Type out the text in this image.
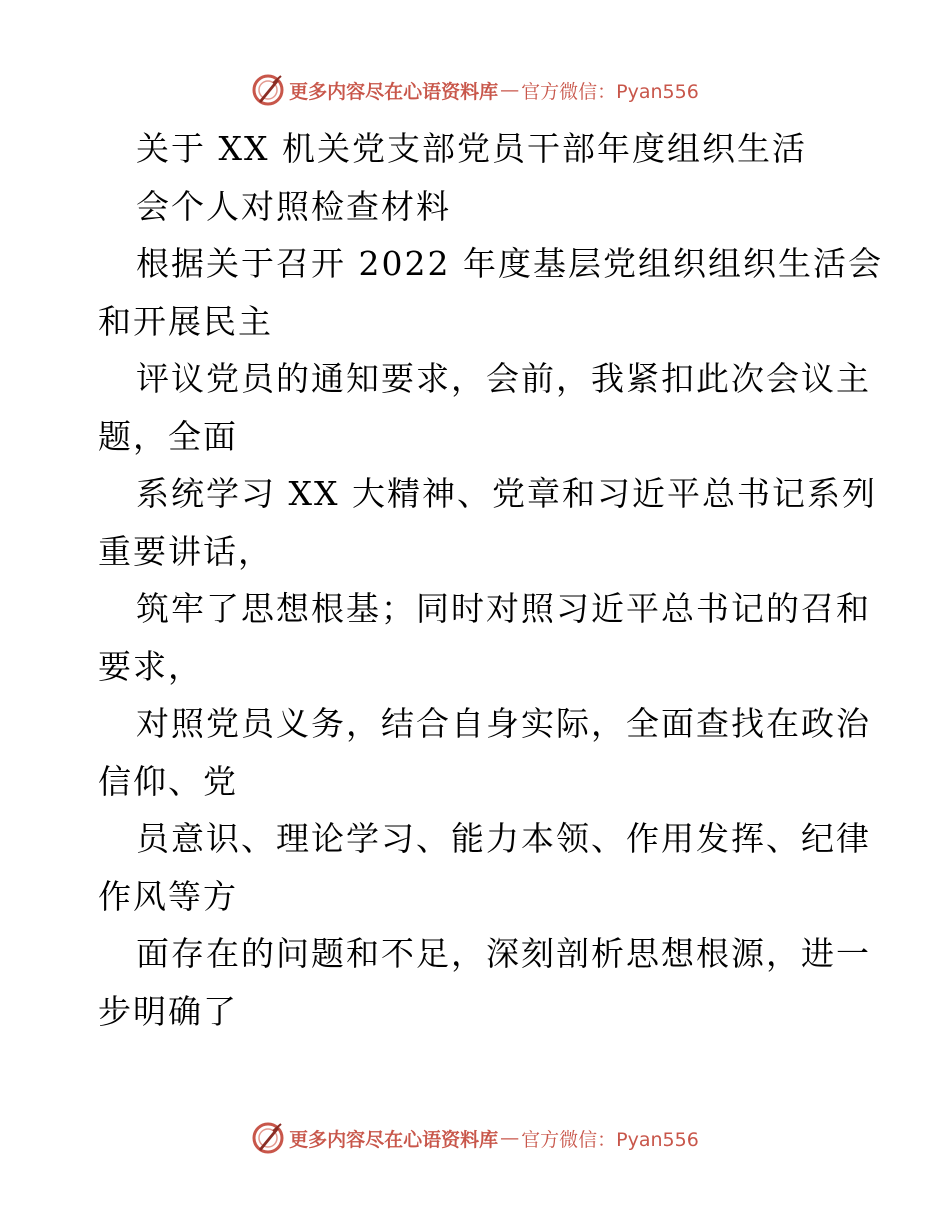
更多内容尽在心语资料库 — 官方微信：Pyan556
关于 XX 机关党支部党员干部年度组织生活
会个人对照检查材料
根据关于召开 2022 年度基层党组织组织生活会
和开展民主
评议党员的通知要求，会前，我紧扣此次会议主
题，全面
系统学习 XX 大精神、党章和习近平总书记系列
重要讲话，
筑牢了思想根基；同时对照习近平总书记的召和
要求，
对照党员义务，结合自身实际，全面查找在政治
信仰、党
员意识、理论学习、能力本领、作用发挥、纪律
作风等方
面存在的问题和不足，深刻剖析思想根源，进一
步明确了
更多内容尽在心语资料库 — 官方微信：Pyan556
